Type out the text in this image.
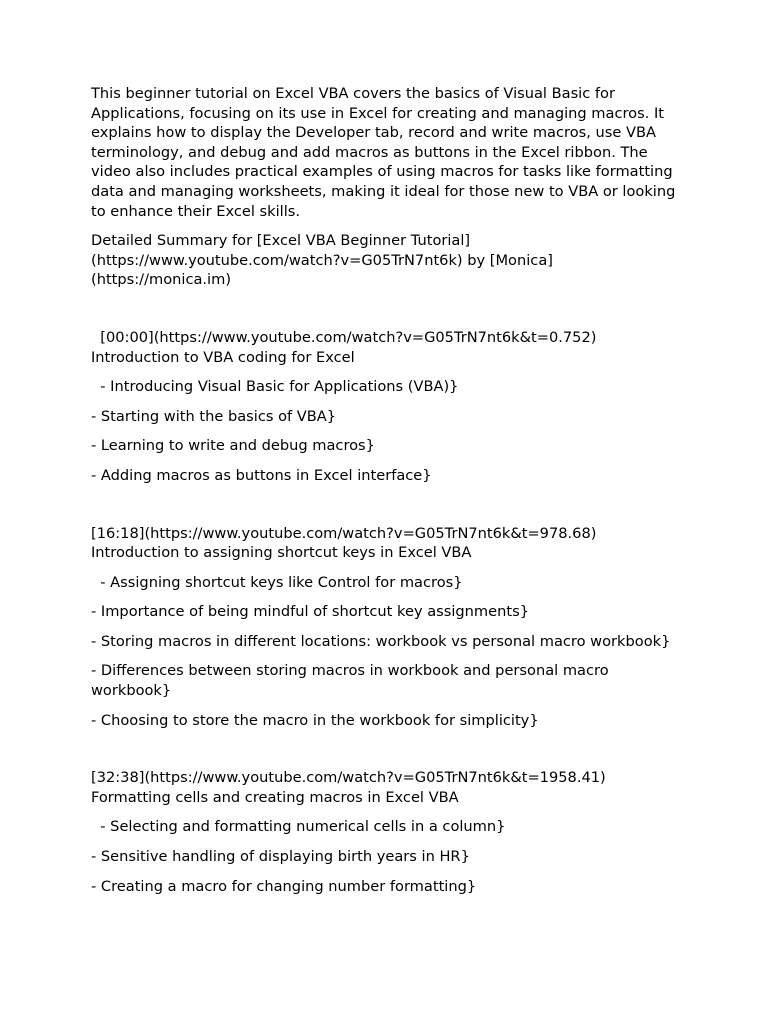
This beginner tutorial on Excel VBA covers the basics of Visual Basic for Applications, focusing on its use in Excel for creating and managing macros. It explains how to display the Developer tab, record and write macros, use VBA terminology, and debug and add macros as buttons in the Excel ribbon. The video also includes practical examples of using macros for tasks like formatting data and managing worksheets, making it ideal for those new to VBA or looking to enhance their Excel skills.

Detailed Summary for [Excel VBA Beginner Tutorial](https://www.youtube.com/watch?v=G05TrN7nt6k) by [Monica](https://monica.im)

[00:00](https://www.youtube.com/watch?v=G05TrN7nt6k&t=0.752)

Introduction to VBA coding for Excel

- Introducing Visual Basic for Applications (VBA)}

- Starting with the basics of VBA}

- Learning to write and debug macros}

- Adding macros as buttons in Excel interface}

[16:18](https://www.youtube.com/watch?v=G05TrN7nt6k&t=978.68)

Introduction to assigning shortcut keys in Excel VBA

- Assigning shortcut keys like Control for macros}

- Importance of being mindful of shortcut key assignments}

- Storing macros in different locations: workbook vs personal macro workbook}

- Differences between storing macros in workbook and personal macro workbook}

- Choosing to store the macro in the workbook for simplicity}

[32:38](https://www.youtube.com/watch?v=G05TrN7nt6k&t=1958.41)

Formatting cells and creating macros in Excel VBA

- Selecting and formatting numerical cells in a column}

- Sensitive handling of displaying birth years in HR}

- Creating a macro for changing number formatting}
